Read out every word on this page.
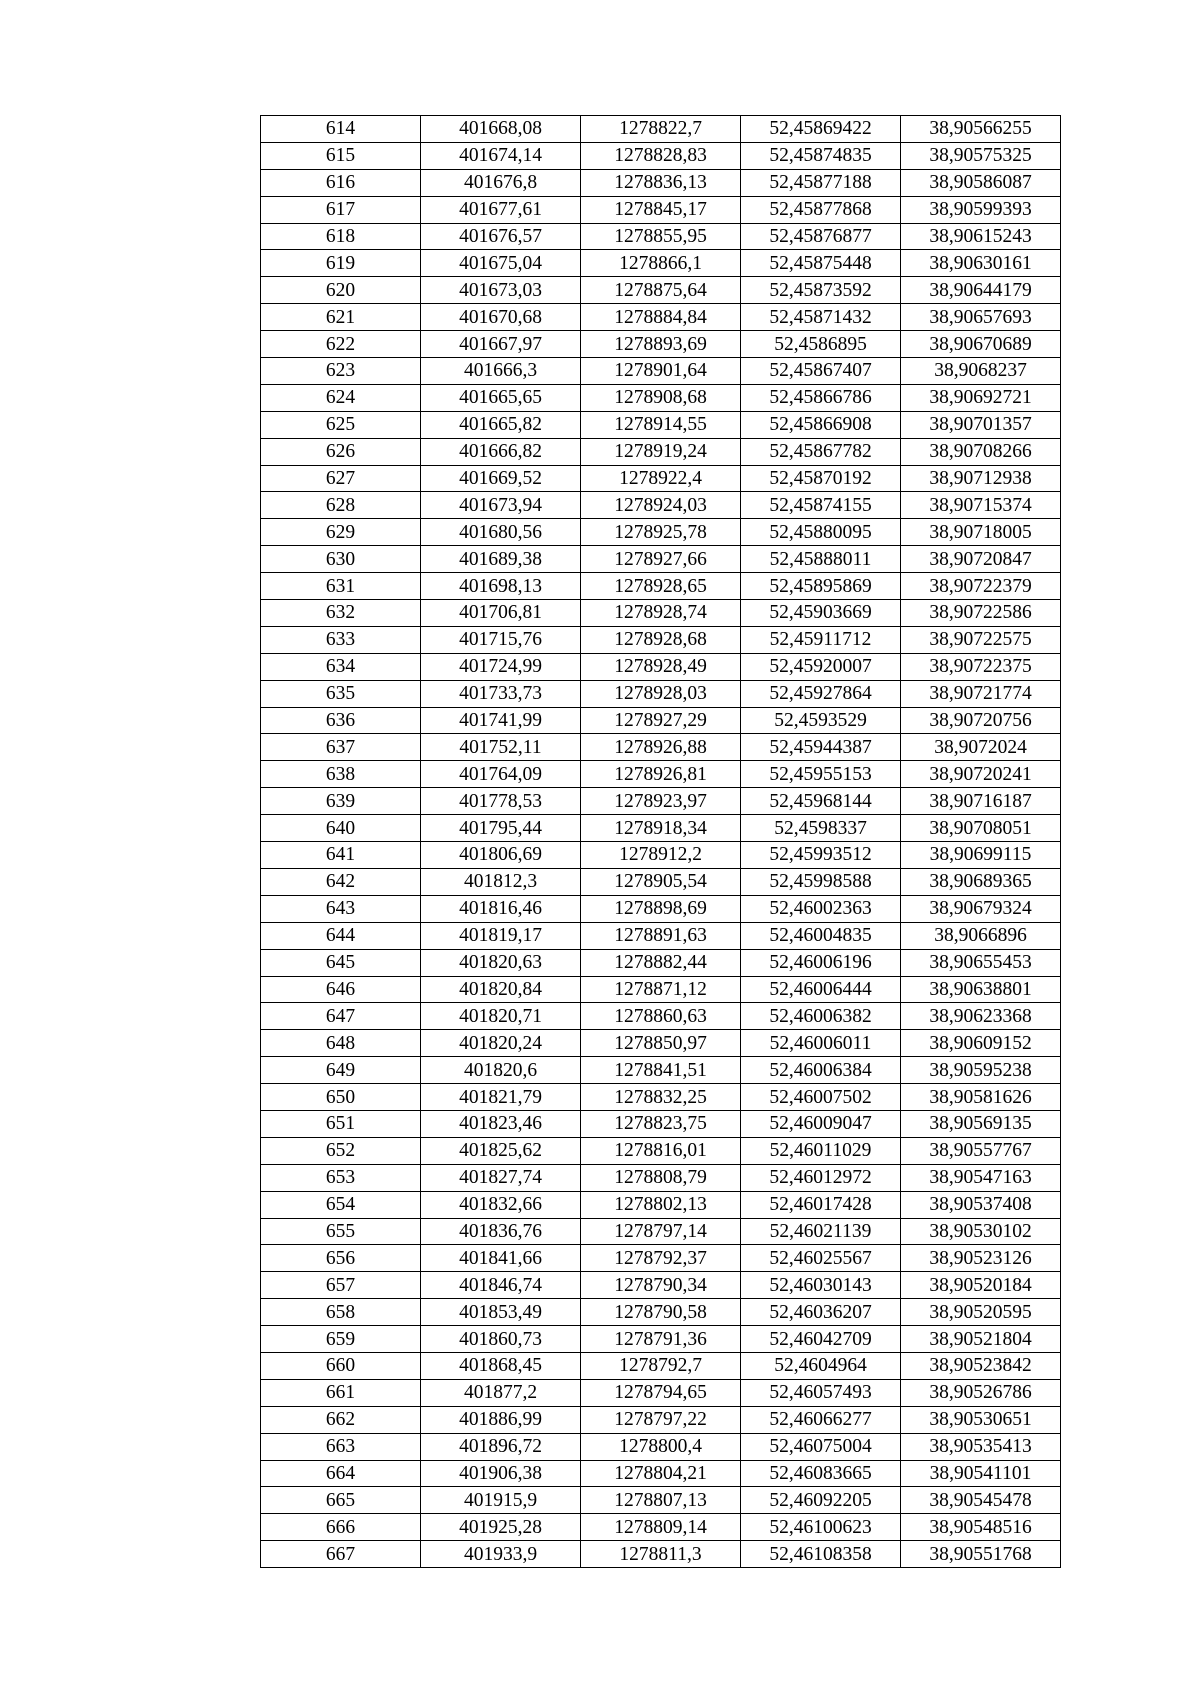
614	401668,08	1278822,7	52,45869422	38,90566255
615	401674,14	1278828,83	52,45874835	38,90575325
616	401676,8	1278836,13	52,45877188	38,90586087
617	401677,61	1278845,17	52,45877868	38,90599393
618	401676,57	1278855,95	52,45876877	38,90615243
619	401675,04	1278866,1	52,45875448	38,90630161
620	401673,03	1278875,64	52,45873592	38,90644179
621	401670,68	1278884,84	52,45871432	38,90657693
622	401667,97	1278893,69	52,4586895	38,90670689
623	401666,3	1278901,64	52,45867407	38,9068237
624	401665,65	1278908,68	52,45866786	38,90692721
625	401665,82	1278914,55	52,45866908	38,90701357
626	401666,82	1278919,24	52,45867782	38,90708266
627	401669,52	1278922,4	52,45870192	38,90712938
628	401673,94	1278924,03	52,45874155	38,90715374
629	401680,56	1278925,78	52,45880095	38,90718005
630	401689,38	1278927,66	52,45888011	38,90720847
631	401698,13	1278928,65	52,45895869	38,90722379
632	401706,81	1278928,74	52,45903669	38,90722586
633	401715,76	1278928,68	52,45911712	38,90722575
634	401724,99	1278928,49	52,45920007	38,90722375
635	401733,73	1278928,03	52,45927864	38,90721774
636	401741,99	1278927,29	52,4593529	38,90720756
637	401752,11	1278926,88	52,45944387	38,9072024
638	401764,09	1278926,81	52,45955153	38,90720241
639	401778,53	1278923,97	52,45968144	38,90716187
640	401795,44	1278918,34	52,4598337	38,90708051
641	401806,69	1278912,2	52,45993512	38,90699115
642	401812,3	1278905,54	52,45998588	38,90689365
643	401816,46	1278898,69	52,46002363	38,90679324
644	401819,17	1278891,63	52,46004835	38,9066896
645	401820,63	1278882,44	52,46006196	38,90655453
646	401820,84	1278871,12	52,46006444	38,90638801
647	401820,71	1278860,63	52,46006382	38,90623368
648	401820,24	1278850,97	52,46006011	38,90609152
649	401820,6	1278841,51	52,46006384	38,90595238
650	401821,79	1278832,25	52,46007502	38,90581626
651	401823,46	1278823,75	52,46009047	38,90569135
652	401825,62	1278816,01	52,46011029	38,90557767
653	401827,74	1278808,79	52,46012972	38,90547163
654	401832,66	1278802,13	52,46017428	38,90537408
655	401836,76	1278797,14	52,46021139	38,90530102
656	401841,66	1278792,37	52,46025567	38,90523126
657	401846,74	1278790,34	52,46030143	38,90520184
658	401853,49	1278790,58	52,46036207	38,90520595
659	401860,73	1278791,36	52,46042709	38,90521804
660	401868,45	1278792,7	52,4604964	38,90523842
661	401877,2	1278794,65	52,46057493	38,90526786
662	401886,99	1278797,22	52,46066277	38,90530651
663	401896,72	1278800,4	52,46075004	38,90535413
664	401906,38	1278804,21	52,46083665	38,90541101
665	401915,9	1278807,13	52,46092205	38,90545478
666	401925,28	1278809,14	52,46100623	38,90548516
667	401933,9	1278811,3	52,46108358	38,90551768
